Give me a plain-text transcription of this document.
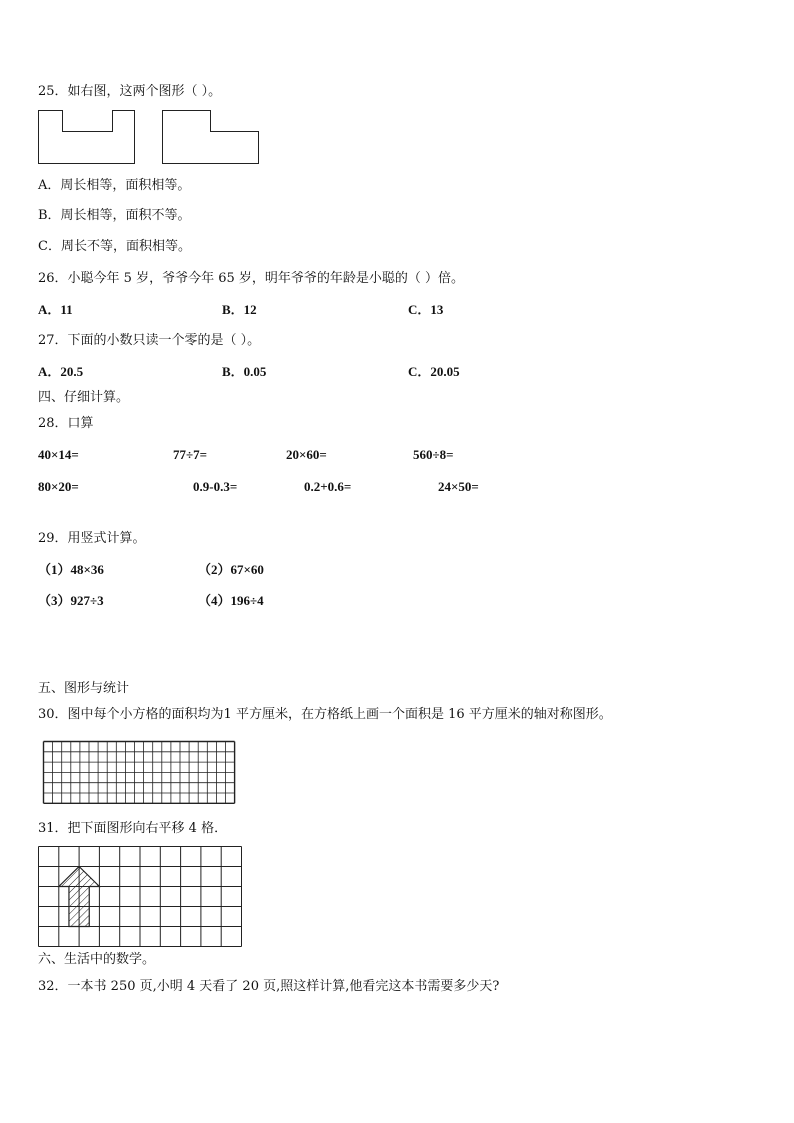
25．如右图，这两个图形（ ）。
A．周长相等，面积相等。
B．周长相等，面积不等。
C．周长不等，面积相等。
26．小聪今年 5 岁，爷爷今年 65 岁，明年爷爷的年龄是小聪的（ ）倍。
A．11	B．12	C．13
27．下面的小数只读一个零的是（ ）。
A．20.5	B．0.05	C．20.05
四、仔细计算。
28．口算
40×14=	77÷7=	20×60=	560÷8=
80×20=	0.9-0.3=	0.2+0.6=	24×50=
29．用竖式计算。
（1）48×36	（2）67×60
（3）927÷3	（4）196÷4
五、图形与统计
30．图中每个小方格的面积均为1 平方厘米，在方格纸上画一个面积是 16 平方厘米的轴对称图形。
31．把下面图形向右平移 4 格．
六、生活中的数学。
32．一本书 250 页,小明 4 天看了 20 页,照这样计算,他看完这本书需要多少天?
